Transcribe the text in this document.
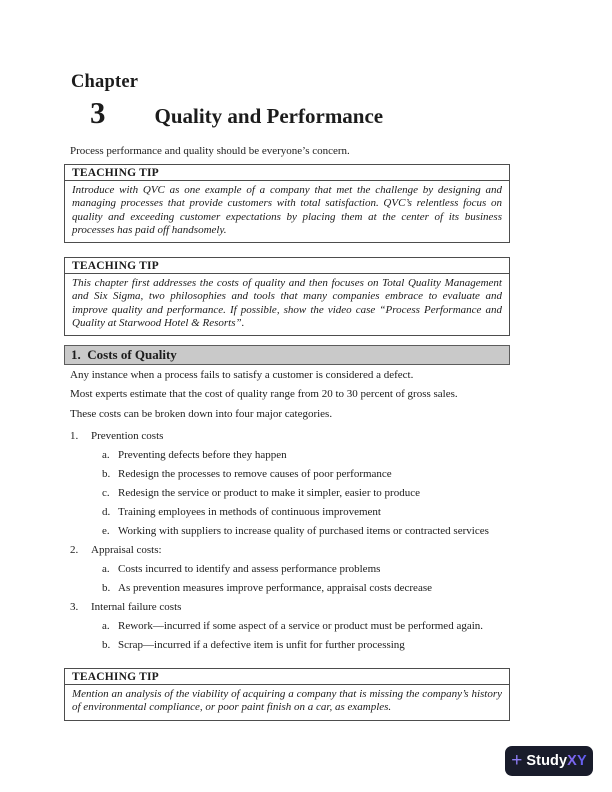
Chapter
3 Quality and Performance

Process performance and quality should be everyone’s concern.

TEACHING TIP
Introduce with QVC as one example of a company that met the challenge by designing and managing processes that provide customers with total satisfaction. QVC’s relentless focus on quality and exceeding customer expectations by placing them at the center of its business processes has paid off handsomely.
TEACHING TIP
This chapter first addresses the costs of quality and then focuses on Total Quality Management and Six Sigma, two philosophies and tools that many companies embrace to evaluate and improve quality and performance. If possible, show the video case “Process Performance and Quality at Starwood Hotel & Resorts”.
1.  Costs of Quality

Any instance when a process fails to satisfy a customer is considered a defect.

Most experts estimate that the cost of quality range from 20 to 30 percent of gross sales.

These costs can be broken down into four major categories.

1.	Prevention costs
a. Preventing defects before they happen
b. Redesign the processes to remove causes of poor performance
c. Redesign the service or product to make it simpler, easier to produce
d. Training employees in methods of continuous improvement
e. Working with suppliers to increase quality of purchased items or contracted services
2.	Appraisal costs:
a. Costs incurred to identify and assess performance problems
b. As prevention measures improve performance, appraisal costs decrease
3.	Internal failure costs
a. Rework—incurred if some aspect of a service or product must be performed again.
b. Scrap—incurred if a defective item is unfit for further processing
TEACHING TIP
Mention an analysis of the viability of acquiring a company that is missing the company’s history of environmental compliance, or poor paint finish on a car, as examples.
+ StudyXY
